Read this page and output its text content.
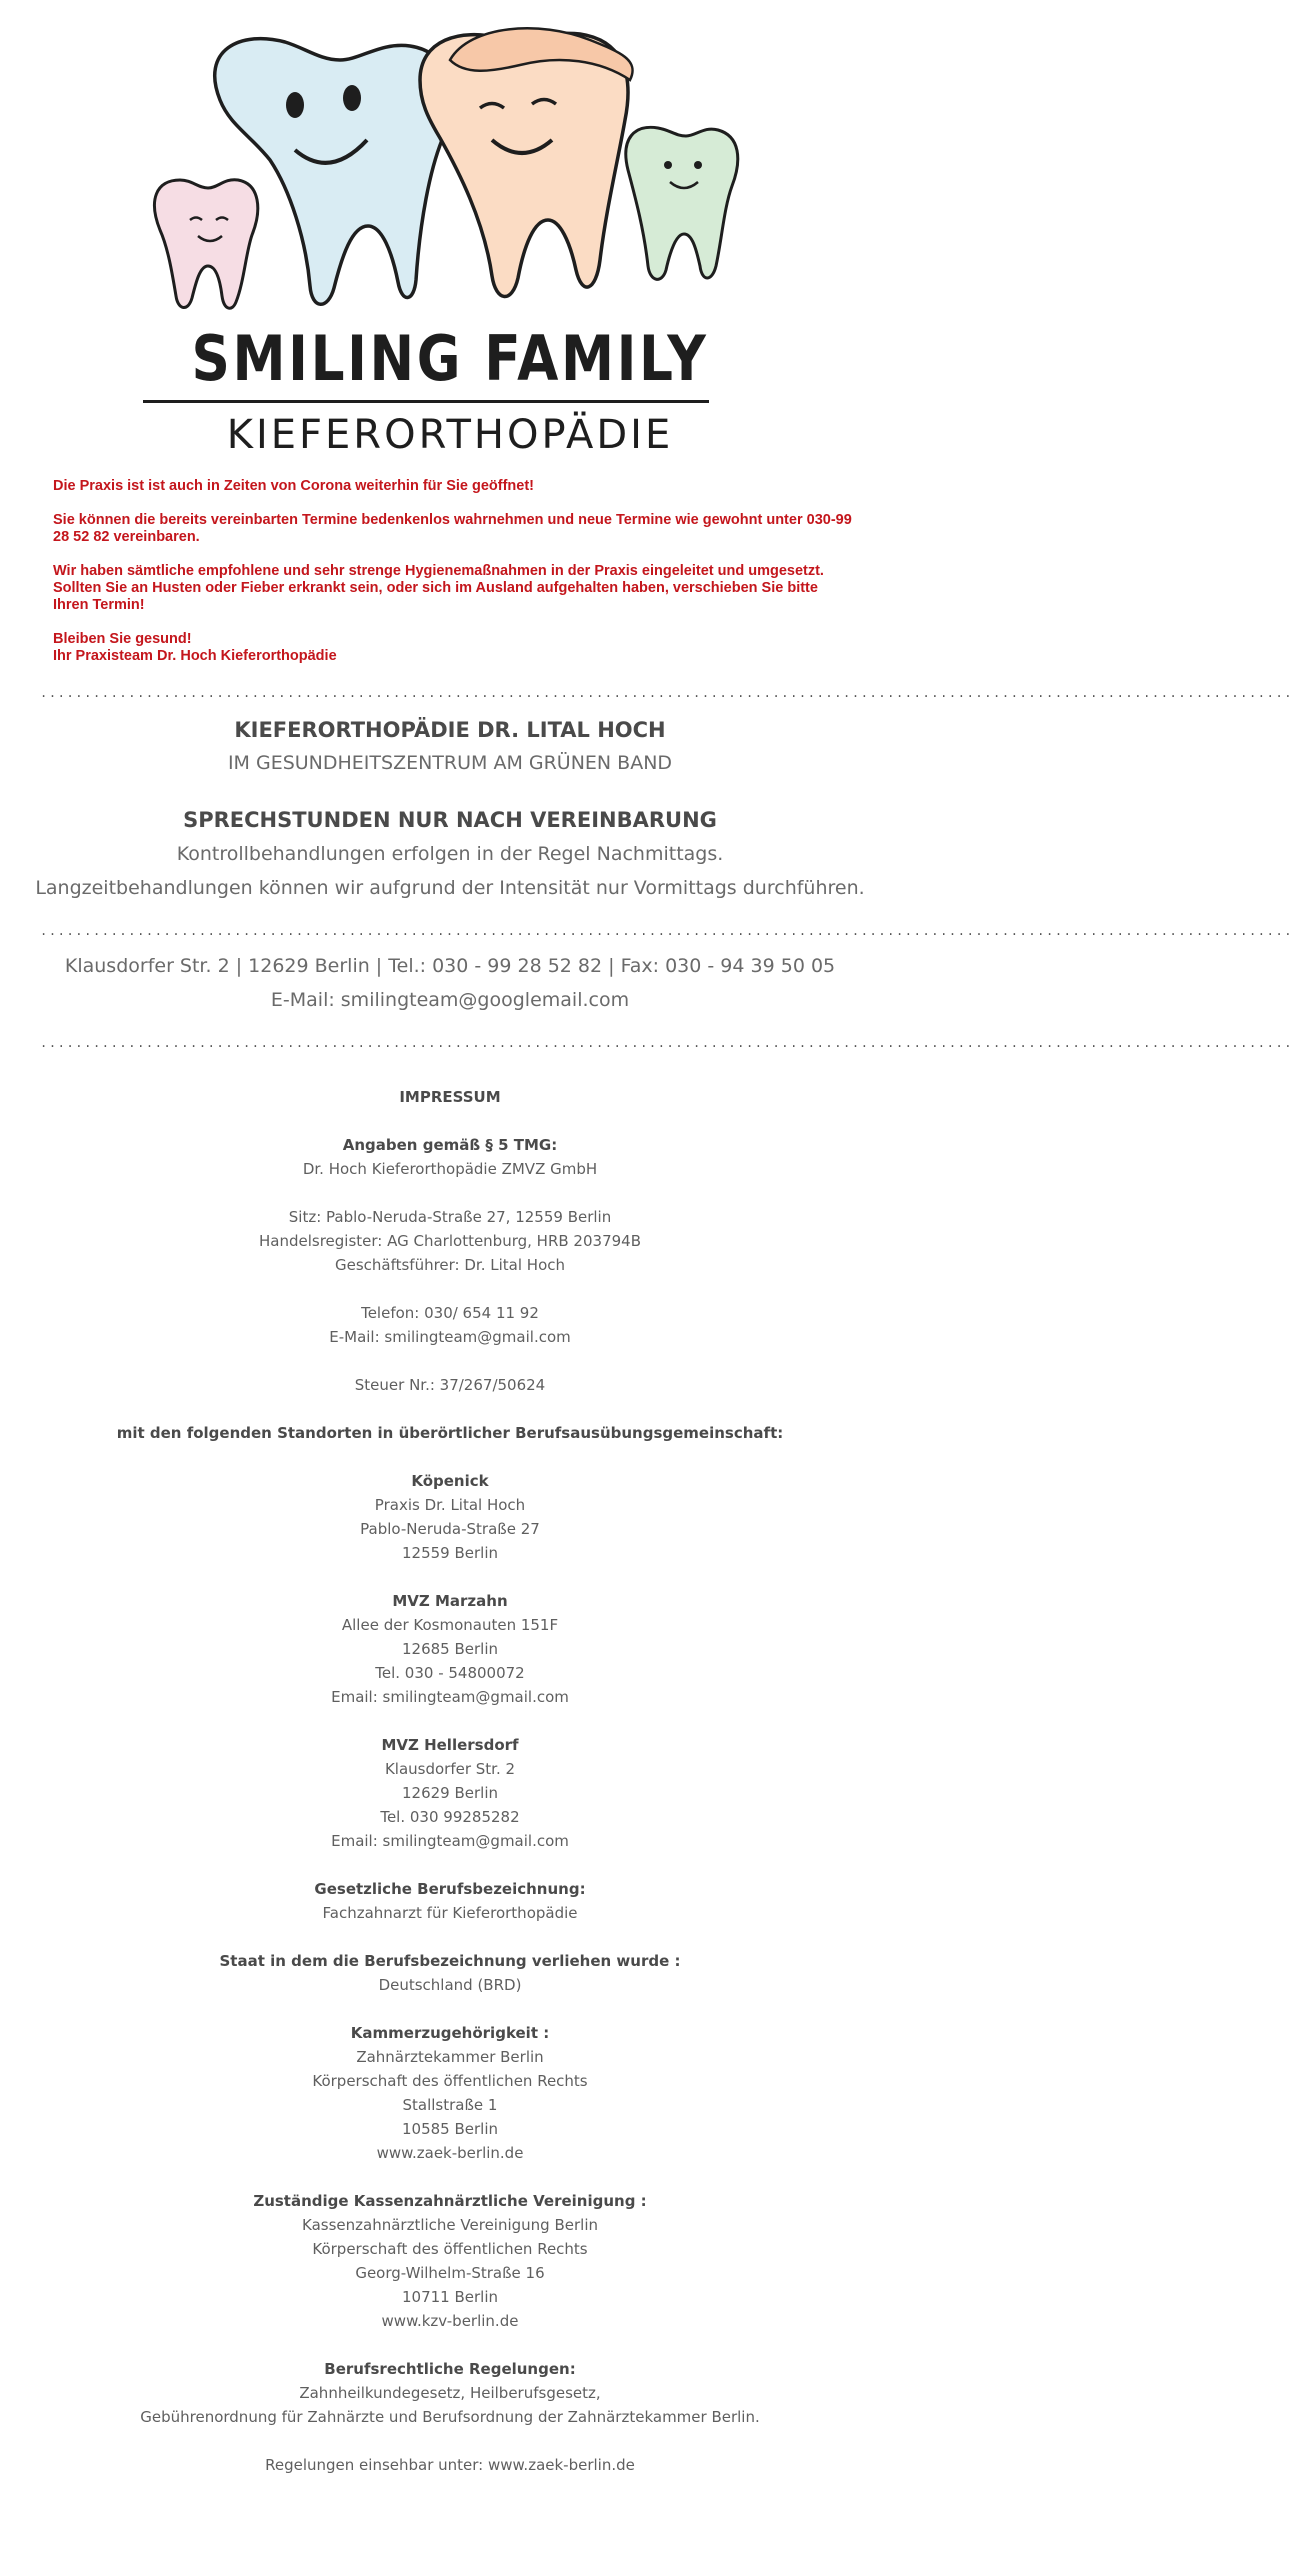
SMILING FAMILY
KIEFERORTHOPÄDIE

Die Praxis ist ist auch in Zeiten von Corona weiterhin für Sie geöffnet!

Sie können die bereits vereinbarten Termine bedenkenlos wahrnehmen und neue Termine wie gewohnt unter 030-99 28 52 82 vereinbaren.

Wir haben sämtliche empfohlene und sehr strenge Hygienemaßnahmen in der Praxis eingeleitet und umgesetzt. Sollten Sie an Husten oder Fieber erkrankt sein, oder sich im Ausland aufgehalten haben, verschieben Sie bitte Ihren Termin!

Bleiben Sie gesund!
Ihr Praxisteam Dr. Hoch Kieferorthopädie

..............................................................................................................................................
KIEFERORTHOPÄDIE DR. LITAL HOCH
IM GESUNDHEITSZENTRUM AM GRÜNEN BAND
SPRECHSTUNDEN NUR NACH VEREINBARUNG
Kontrollbehandlungen erfolgen in der Regel Nachmittags.
Langzeitbehandlungen können wir aufgrund der Intensität nur Vormittags durchführen.
..............................................................................................................................................
Klausdorfer Str. 2 | 12629 Berlin | Tel.: 030 - 99 28 52 82 | Fax: 030 - 94 39 50 05
E-Mail: smilingteam@googlemail.com
..............................................................................................................................................
IMPRESSUM
Angaben gemäß § 5 TMG:
Dr. Hoch Kieferorthopädie ZMVZ GmbH
Sitz: Pablo-Neruda-Straße 27, 12559 Berlin
Handelsregister: AG Charlottenburg, HRB 203794B
Geschäftsführer: Dr. Lital Hoch
Telefon: 030/ 654 11 92
E-Mail: smilingteam@gmail.com
Steuer Nr.: 37/267/50624
mit den folgenden Standorten in überörtlicher Berufsausübungsgemeinschaft:
Köpenick
Praxis Dr. Lital Hoch
Pablo-Neruda-Straße 27
12559 Berlin
MVZ Marzahn
Allee der Kosmonauten 151F
12685 Berlin
Tel. 030 - 54800072
Email: smilingteam@gmail.com
MVZ Hellersdorf
Klausdorfer Str. 2
12629 Berlin
Tel. 030 99285282
Email: smilingteam@gmail.com
Gesetzliche Berufsbezeichnung:
Fachzahnarzt für Kieferorthopädie
Staat in dem die Berufsbezeichnung verliehen wurde :
Deutschland (BRD)
Kammerzugehörigkeit :
Zahnärztekammer Berlin
Körperschaft des öffentlichen Rechts
Stallstraße 1
10585 Berlin
www.zaek-berlin.de
Zuständige Kassenzahnärztliche Vereinigung :
Kassenzahnärztliche Vereinigung Berlin
Körperschaft des öffentlichen Rechts
Georg-Wilhelm-Straße 16
10711 Berlin
www.kzv-berlin.de
Berufsrechtliche Regelungen:
Zahnheilkundegesetz, Heilberufsgesetz,
Gebührenordnung für Zahnärzte und Berufsordnung der Zahnärztekammer Berlin.
Regelungen einsehbar unter: www.zaek-berlin.de
